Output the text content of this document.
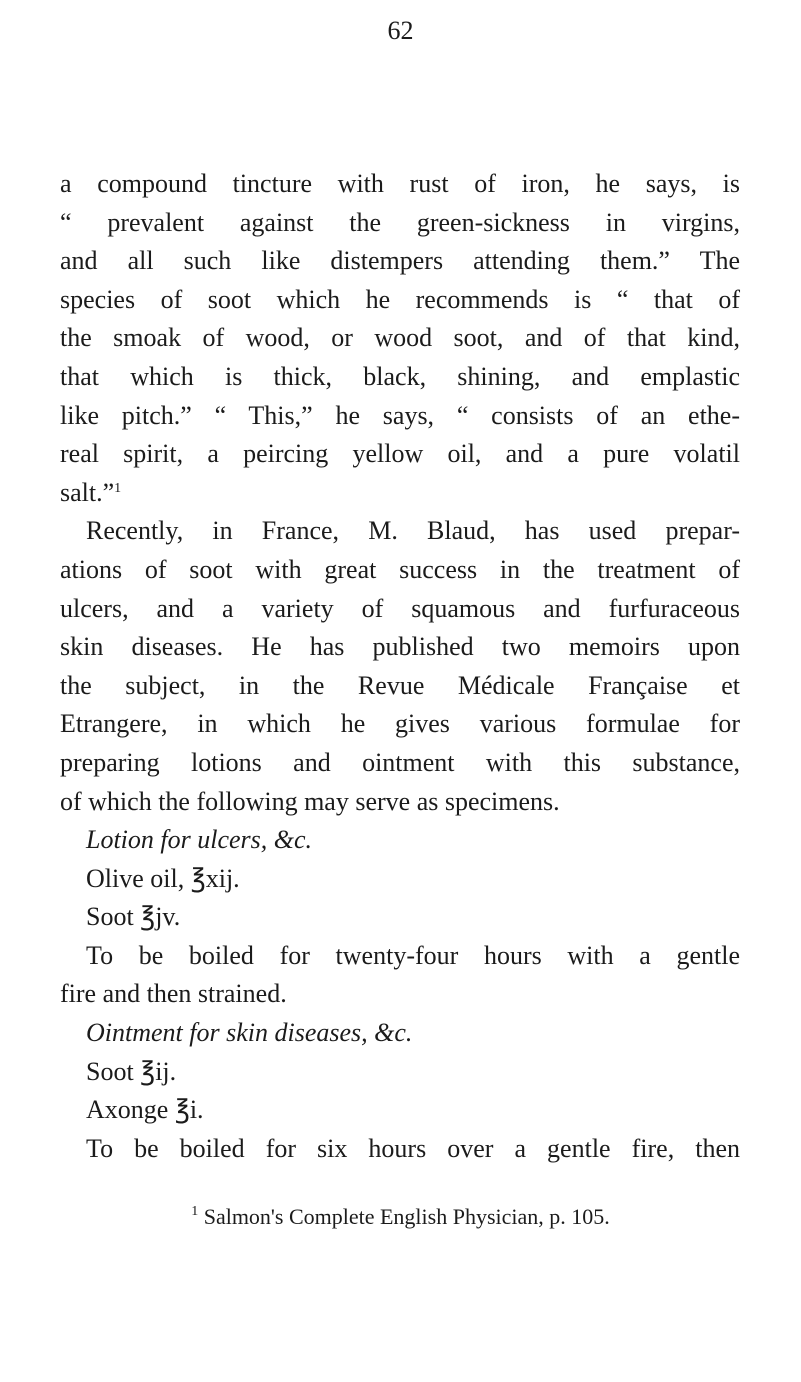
62
a compound tincture with rust of iron, he says, is
“ prevalent against the green-sickness in virgins,
and all such like distempers attending them.” The
species of soot which he recommends is “ that of
the smoak of wood, or wood soot, and of that kind,
that which is thick, black, shining, and emplastic
like pitch.” “ This,” he says, “ consists of an ethe-
real spirit, a peircing yellow oil, and a pure volatil
salt.”$^1$
Recently, in France, M. Blaud, has used prepar-
ations of soot with great success in the treatment of
ulcers, and a variety of squamous and furfuraceous
skin diseases. He has published two memoirs upon
the subject, in the Revue Médicale Française et
Etrangere, in which he gives various formulae for
preparing lotions and ointment with this substance,
of which the following may serve as specimens.
Lotion for ulcers, &c.
Olive oil, ℥xij.
Soot ℥jv.
To be boiled for twenty-four hours with a gentle
fire and then strained.
Ointment for skin diseases, &c.
Soot ℥ij.
Axonge ℥i.
To be boiled for six hours over a gentle fire, then
$^1$ Salmon's Complete English Physician, p. 105.
